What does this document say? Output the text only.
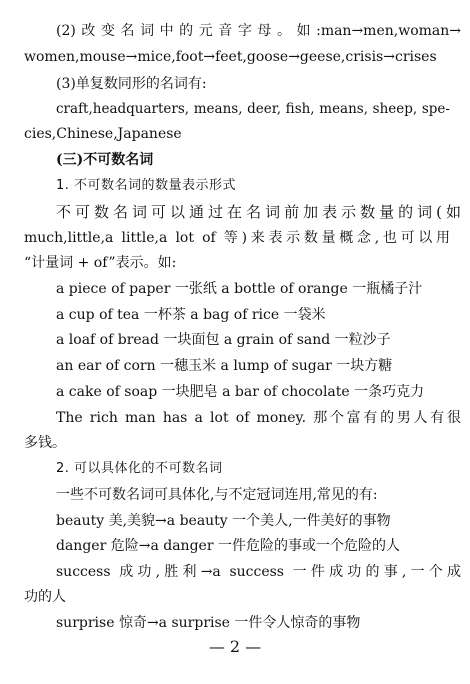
(2)改变名词中的元音字母。如:man→men,woman→
women,mouse→mice,foot→feet,goose→geese,crisis→crises
(3)单复数同形的名词有:
craft,headquarters, means, deer, fish, means, sheep, spe-
cies,Chinese,Japanese
(三)不可数名词
1. 不可数名词的数量表示形式
不可数名词可以通过在名词前加表示数量的词(如
much,little,a little,a lot of 等)来表示数量概念,也可以用
“计量词 + of”表示。如:
a piece of paper 一张纸 a bottle of orange 一瓶橘子汁
a cup of tea 一杯茶 a bag of rice 一袋米
a loaf of bread 一块面包 a grain of sand 一粒沙子
an ear of corn 一穗玉米 a lump of sugar 一块方糖
a cake of soap 一块肥皂 a bar of chocolate 一条巧克力
The rich man has a lot of money. 那个富有的男人有很
多钱。
2. 可以具体化的不可数名词
一些不可数名词可具体化,与不定冠词连用,常见的有:
beauty 美,美貌→a beauty 一个美人,一件美好的事物
danger 危险→a danger 一件危险的事或一个危险的人
success 成功,胜利→a success 一件成功的事,一个成
功的人
surprise 惊奇→a surprise 一件令人惊奇的事物
— 2 —
